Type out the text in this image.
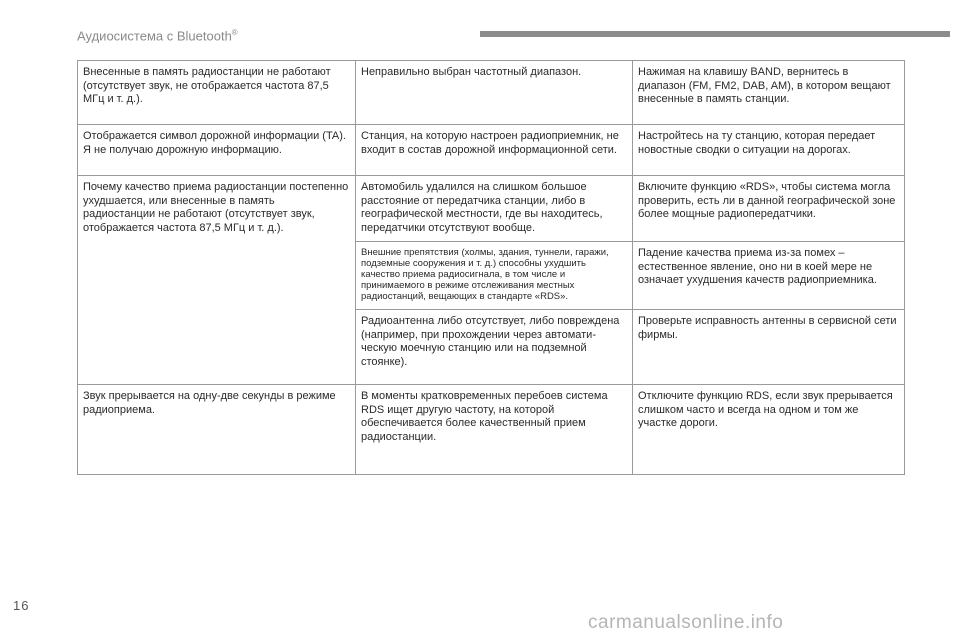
Аудиосистема с Bluetooth®
Внесенные в память радиостанции не работают (отсутствует звук, не отображается частота 87,5 МГц и т. д.).	Неправильно выбран частотный диапазон.	Нажимая на клавишу BAND, вернитесь в диапазон (FM, FM2, DAB, AM), в котором вещают внесенные в память станции.
Отображается символ дорожной информации (TA). Я не получаю дорожную информацию.	Станция, на которую настроен радиоприемник, не входит в состав дорожной информационной сети.	Настройтесь на ту станцию, которая передает новостные сводки о ситуации на дорогах.
Почему качество приема радиостанции постепенно ухудшается, или внесенные в память радиостанции не работают (отсутствует звук, отображается частота 87,5 МГц и т. д.).	Автомобиль удалился на слишком большое расстояние от передатчика станции, либо в географической местности, где вы находитесь, передатчики отсутствуют вообще.	Включите функцию «RDS», чтобы система могла проверить, есть ли в данной географической зоне более мощные радиопередатчики.
	Внешние препятствия (холмы, здания, туннели, гаражи, подземные сооружения и т. д.) способны ухудшить качество приема радиосигнала, в том числе и принимаемого в режиме отслеживания местных радиостанций, вещающих в стандарте «RDS».	Падение качества приема из-за помех – естественное явление, оно ни в коей мере не означает ухудшения качеств радиоприемника.
	Радиоантенна либо отсутствует, либо повреждена (например, при прохождении через автоматическую моечную станцию или на подземной стоянке).	Проверьте исправность антенны в сервисной сети фирмы.
Звук прерывается на одну-две секунды в режиме радиоприема.	В моменты кратковременных перебоев система RDS ищет другую частоту, на которой обеспечивается более качественный прием радиостанции.	Отключите функцию RDS, если звук прерывается слишком часто и всегда на одном и том же участке дороги.
16
carmanualsonline.info
